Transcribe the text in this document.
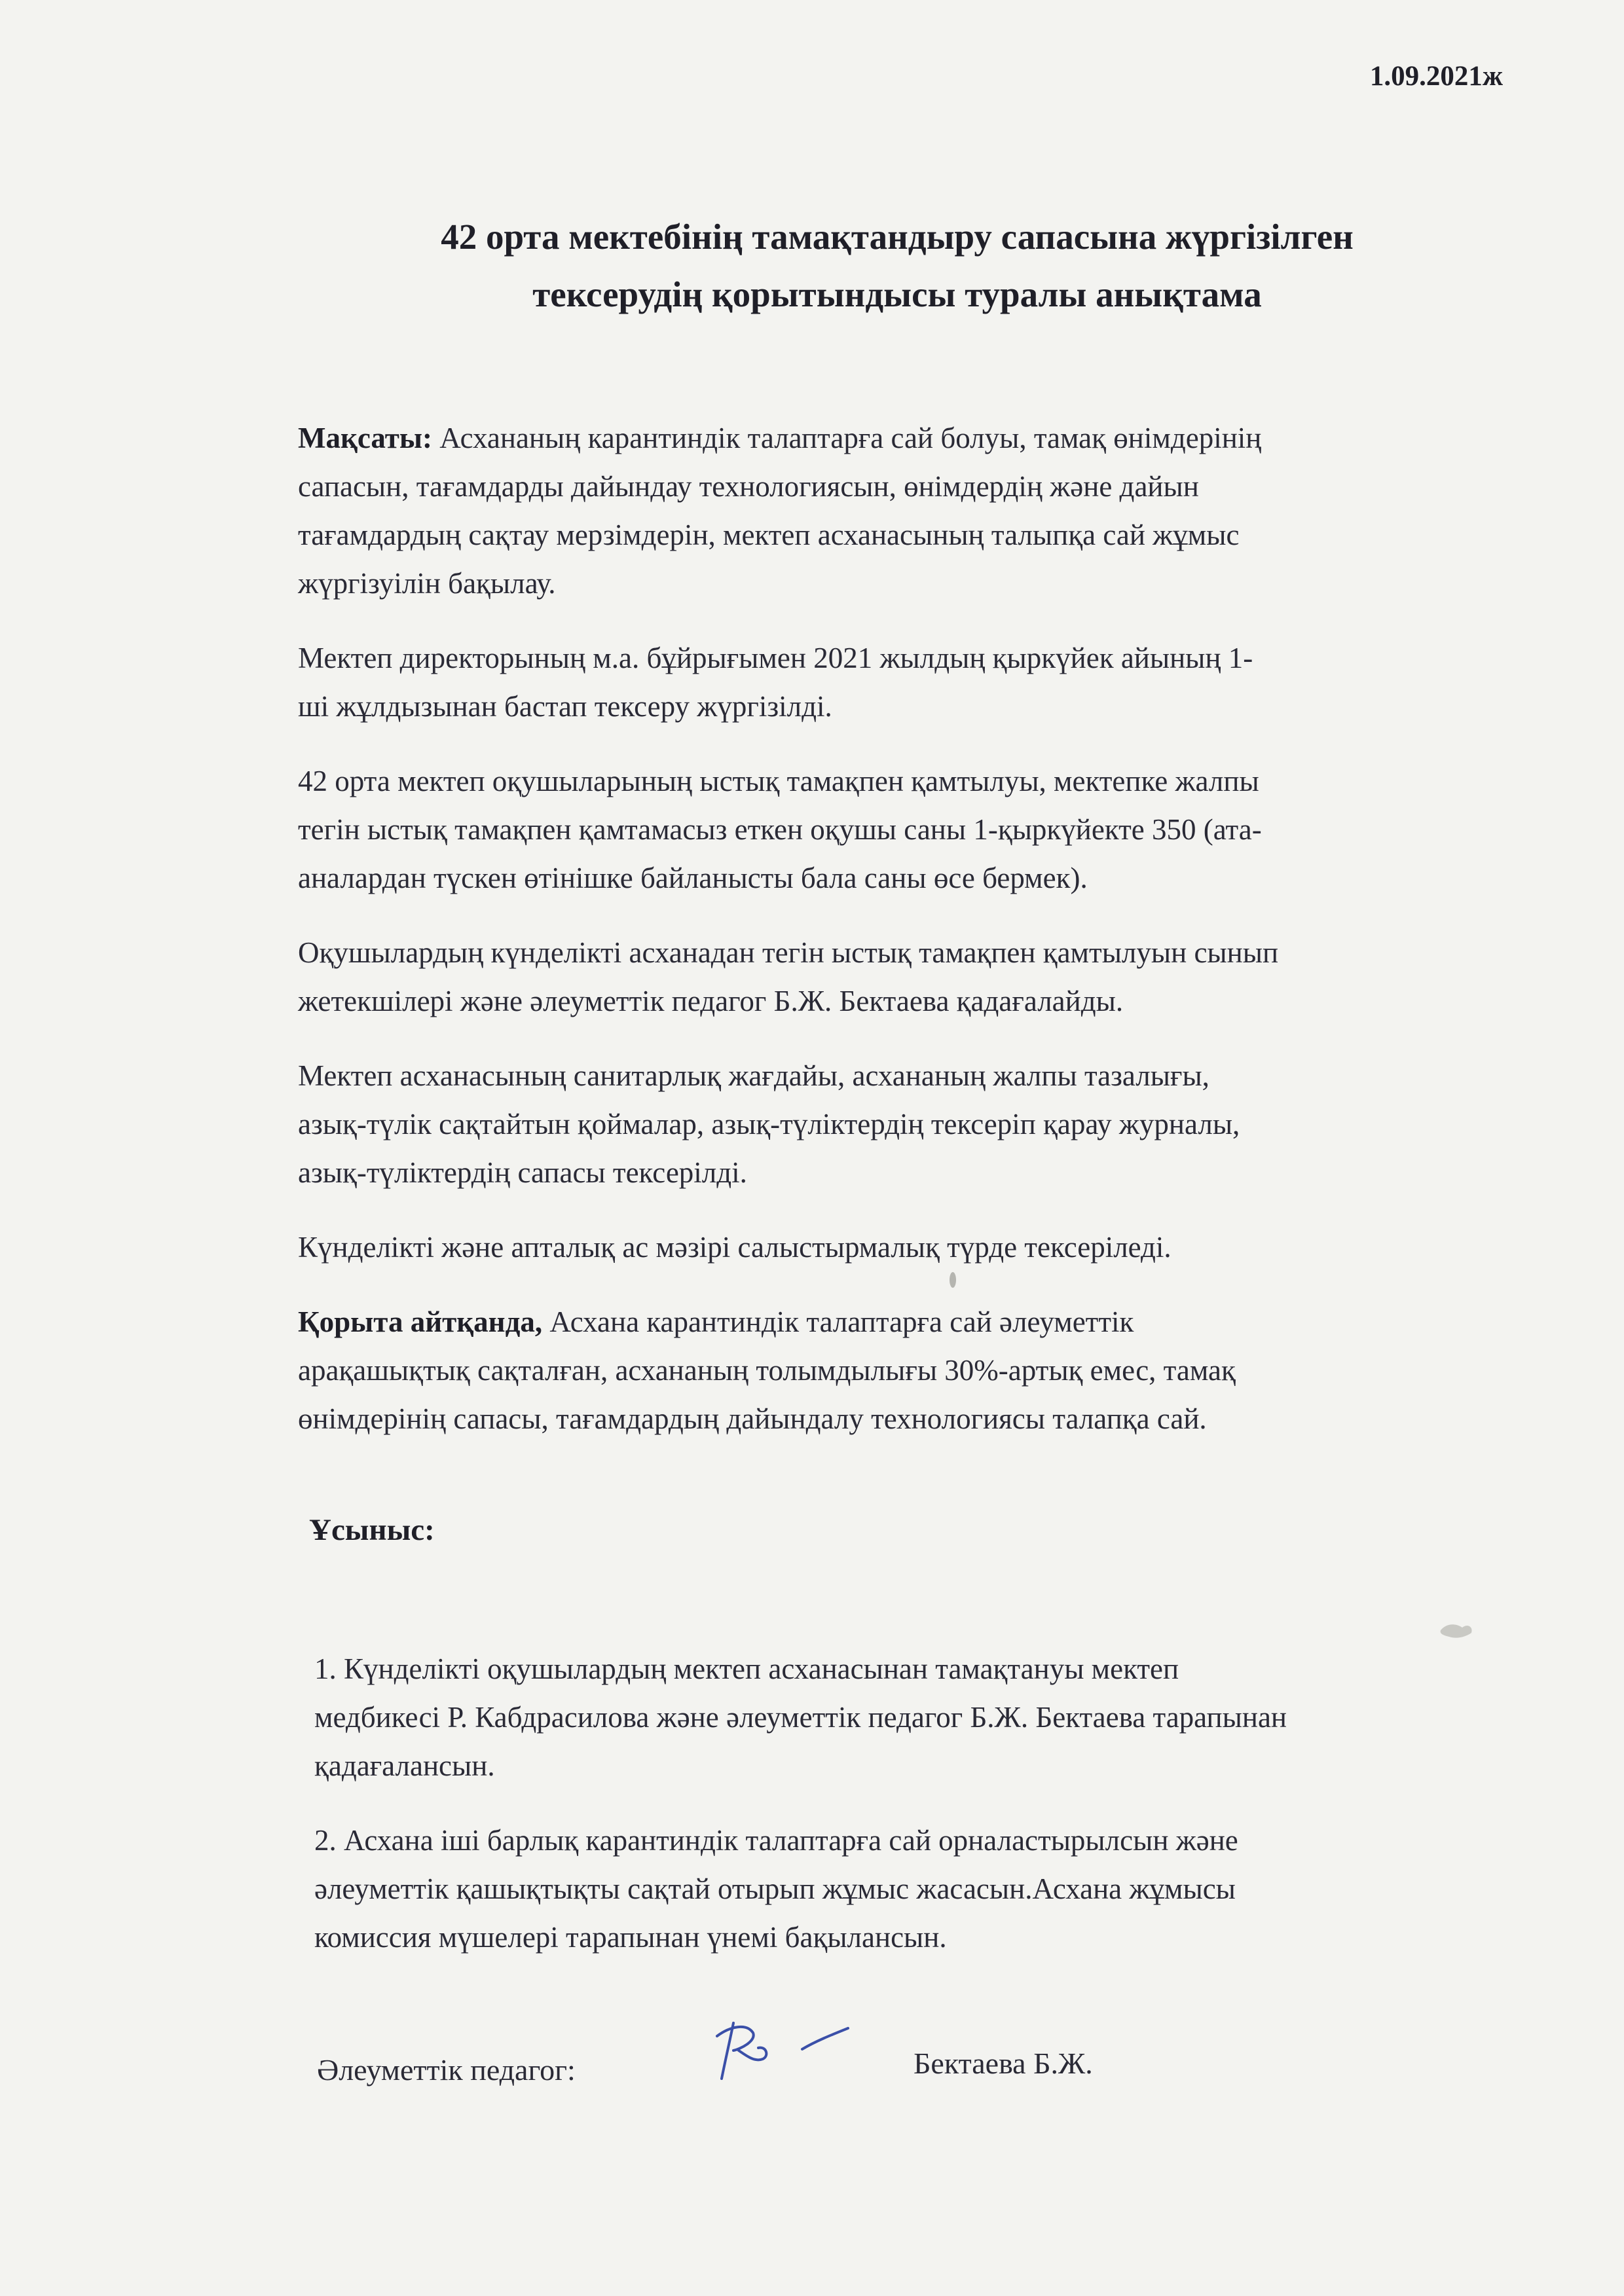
1.09.2021ж
42 орта мектебінің тамақтандыру сапасына жүргізілген
тексерудің қорытындысы туралы анықтама
Мақсаты: Асхананың карантиндік талаптарға сай болуы, тамақ өнімдерінің
сапасын, тағамдарды дайындау технологиясын, өнімдердің және дайын
тағамдардың сақтау мерзімдерін, мектеп асханасының талыпқа сай жұмыс
жүргізуілін бақылау.
Мектеп директорының м.а. бұйрығымен 2021 жылдың қыркүйек айының 1-
ші жұлдызынан бастап тексеру жүргізілді.
42 орта мектеп оқушыларының ыстық тамақпен қамтылуы, мектепке жалпы
тегін ыстық тамақпен қамтамасыз еткен оқушы саны 1-қыркүйекте 350 (ата-
аналардан түскен өтінішке байланысты бала саны өсе бермек).
Оқушылардың күнделікті асханадан тегін ыстық тамақпен қамтылуын сынып
жетекшілері және әлеуметтік педагог Б.Ж. Бектаева қадағалайды.
Мектеп асханасының санитарлық жағдайы, асхананың жалпы тазалығы,
азық-түлік сақтайтын қоймалар, азық-түліктердің тексеріп қарау журналы,
азық-түліктердің сапасы тексерілді.
Күнделікті және апталық ас мәзірі салыстырмалық түрде тексеріледі.
Қорыта айтқанда, Асхана карантиндік талаптарға сай әлеуметтік
арақашықтық сақталған, асхананың толымдылығы 30%-артық емес, тамақ
өнімдерінің сапасы, тағамдардың дайындалу технологиясы талапқа сай.
Ұсыныс:
1. Күнделікті оқушылардың мектеп асханасынан тамақтануы мектеп
медбикесі Р. Кабдрасилова және әлеуметтік педагог Б.Ж. Бектаева тарапынан
қадағалансын.
2. Асхана іші барлық карантиндік талаптарға сай орналастырылсын және
әлеуметтік қашықтықты сақтай отырып жұмыс жасасын.Асхана жұмысы
комиссия мүшелері тарапынан үнемі бақылансын.
Әлеуметтік педагог:	Бектаева Б.Ж.
